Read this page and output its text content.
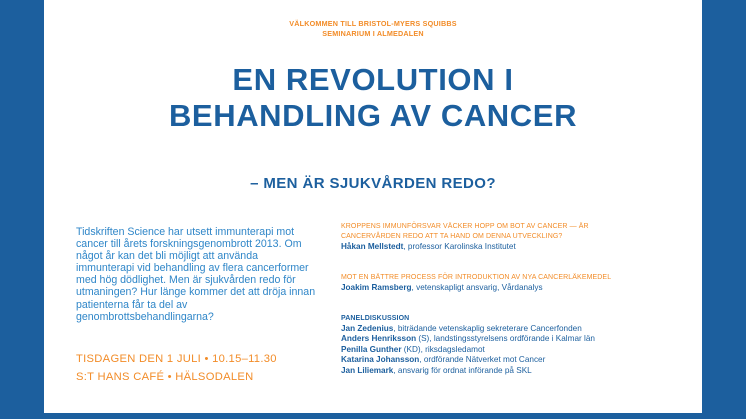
VÄLKOMMEN TILL BRISTOL-MYERS SQUIBBS
SEMINARIUM I ALMEDALEN
EN REVOLUTION I
BEHANDLING AV CANCER
– MEN ÄR SJUKVÅRDEN REDO?

Tidskriften Science har utsett immunterapi mot cancer till årets forskningsgenombrott 2013. Om något år kan det bli möjligt att använda immunterapi vid behandling av flera cancerformer med hög dödlighet. Men är sjukvården redo för utmaningen? Hur länge kommer det att dröja innan patienterna får ta del av genombrottsbehandlingarna?

TISDAGEN DEN 1 JULI • 10.15–11.30
S:T HANS CAFÉ • HÄLSODALEN
KROPPENS IMMUNFÖRSVAR VÄCKER HOPP OM BOT AV CANCER — ÄR
CANCERVÅRDEN REDO ATT TA HAND OM DENNA UTVECKLING?
Håkan Mellstedt, professor Karolinska Institutet
MOT EN BÄTTRE PROCESS FÖR INTRODUKTION AV NYA CANCERLÄKEMEDEL
Joakim Ramsberg, vetenskapligt ansvarig, Vårdanalys
PANELDISKUSSION
Jan Zedenius, biträdande vetenskaplig sekreterare Cancerfonden
Anders Henriksson (S), landstingsstyrelsens ordförande i Kalmar län
Penilla Gunther (KD), riksdagsledamot
Katarina Johansson, ordförande Nätverket mot Cancer
Jan Liliemark, ansvarig för ordnat införande på SKL
